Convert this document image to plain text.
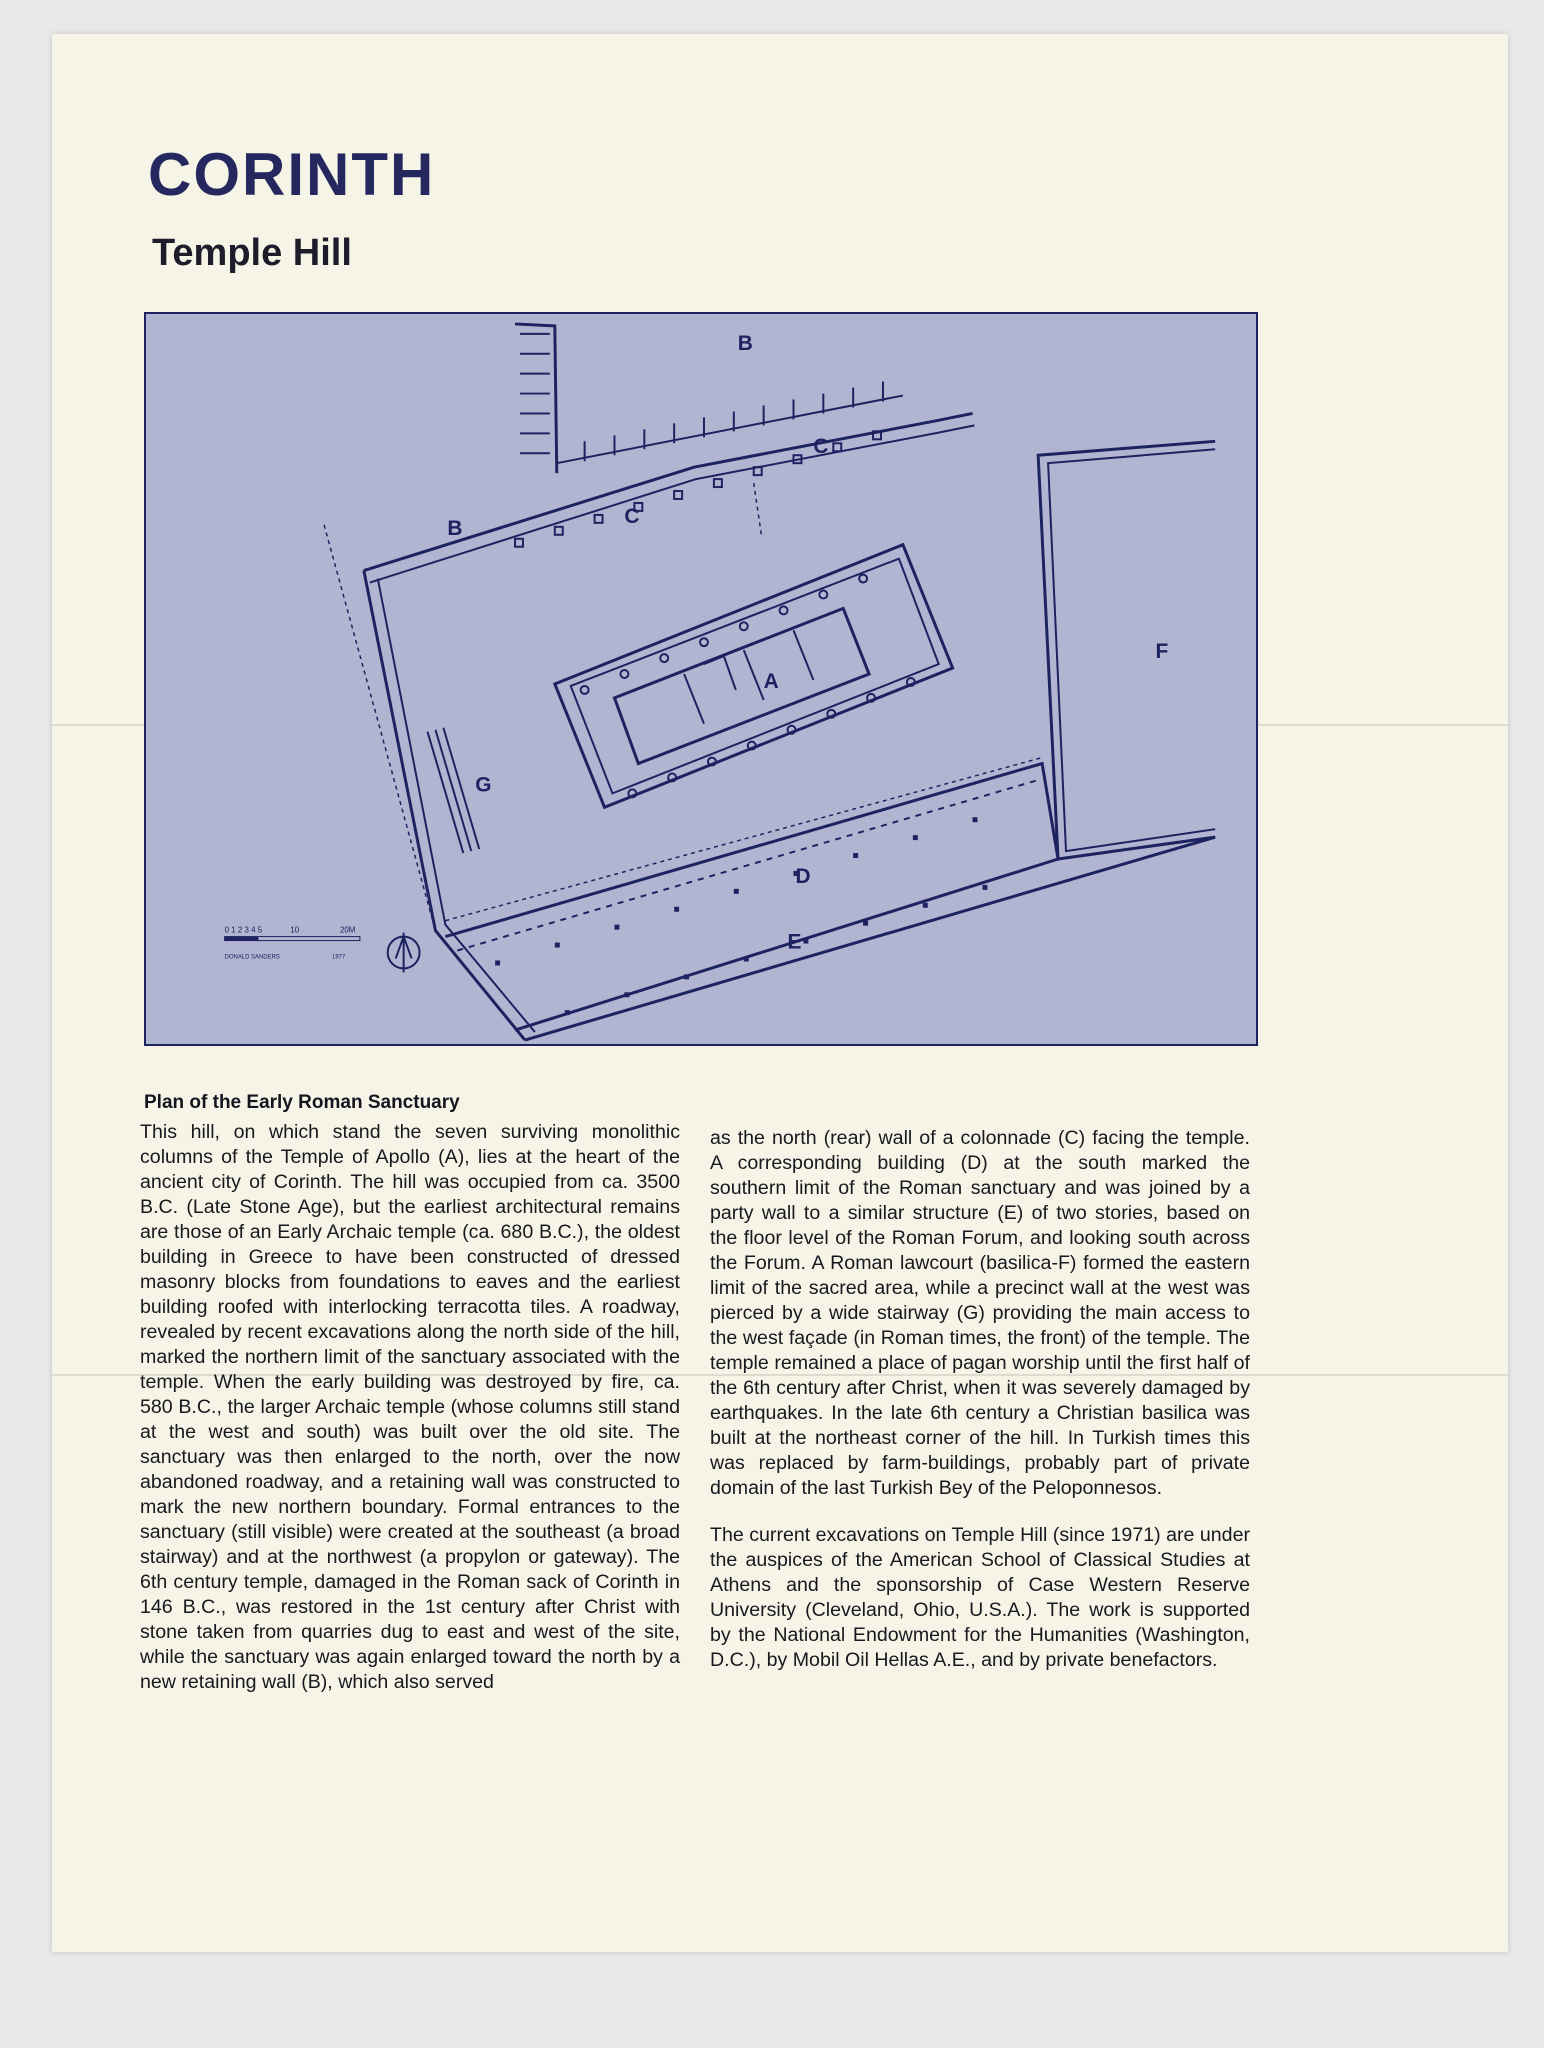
CORINTH
Temple Hill
B
B
C
C
A
D
E
F
G
0 1 2 3 4 5	10	20M
DONALD SANDERS	1977
Plan of the Early Roman Sanctuary

This hill, on which stand the seven surviving monolithic columns of the Temple of Apollo (A), lies at the heart of the ancient city of Corinth. The hill was occupied from ca. 3500 B.C. (Late Stone Age), but the earliest architectural remains are those of an Early Archaic temple (ca. 680 B.C.), the oldest building in Greece to have been constructed of dressed masonry blocks from foundations to eaves and the earliest building roofed with interlocking terracotta tiles. A roadway, revealed by recent excavations along the north side of the hill, marked the northern limit of the sanctuary associated with the temple. When the early building was destroyed by fire, ca. 580 B.C., the larger Archaic temple (whose columns still stand at the west and south) was built over the old site. The sanctuary was then enlarged to the north, over the now abandoned roadway, and a retaining wall was constructed to mark the new northern boundary. Formal entrances to the sanctuary (still visible) were created at the southeast (a broad stairway) and at the northwest (a propylon or gateway). The 6th century temple, damaged in the Roman sack of Corinth in 146 B.C., was restored in the 1st century after Christ with stone taken from quarries dug to east and west of the site, while the sanctuary was again enlarged toward the north by a new retaining wall (B), which also served

as the north (rear) wall of a colonnade (C) facing the temple. A corresponding building (D) at the south marked the southern limit of the Roman sanctuary and was joined by a party wall to a similar structure (E) of two stories, based on the floor level of the Roman Forum, and looking south across the Forum. A Roman lawcourt (basilica-F) formed the eastern limit of the sacred area, while a precinct wall at the west was pierced by a wide stairway (G) providing the main access to the west façade (in Roman times, the front) of the temple. The temple remained a place of pagan worship until the first half of the 6th century after Christ, when it was severely damaged by earthquakes. In the late 6th century a Christian basilica was built at the northeast corner of the hill. In Turkish times this was replaced by farm-buildings, probably part of private domain of the last Turkish Bey of the Peloponnesos.

The current excavations on Temple Hill (since 1971) are under the auspices of the American School of Classical Studies at Athens and the sponsorship of Case Western Reserve University (Cleveland, Ohio, U.S.A.). The work is supported by the National Endowment for the Humanities (Washington, D.C.), by Mobil Oil Hellas A.E., and by private benefactors.
